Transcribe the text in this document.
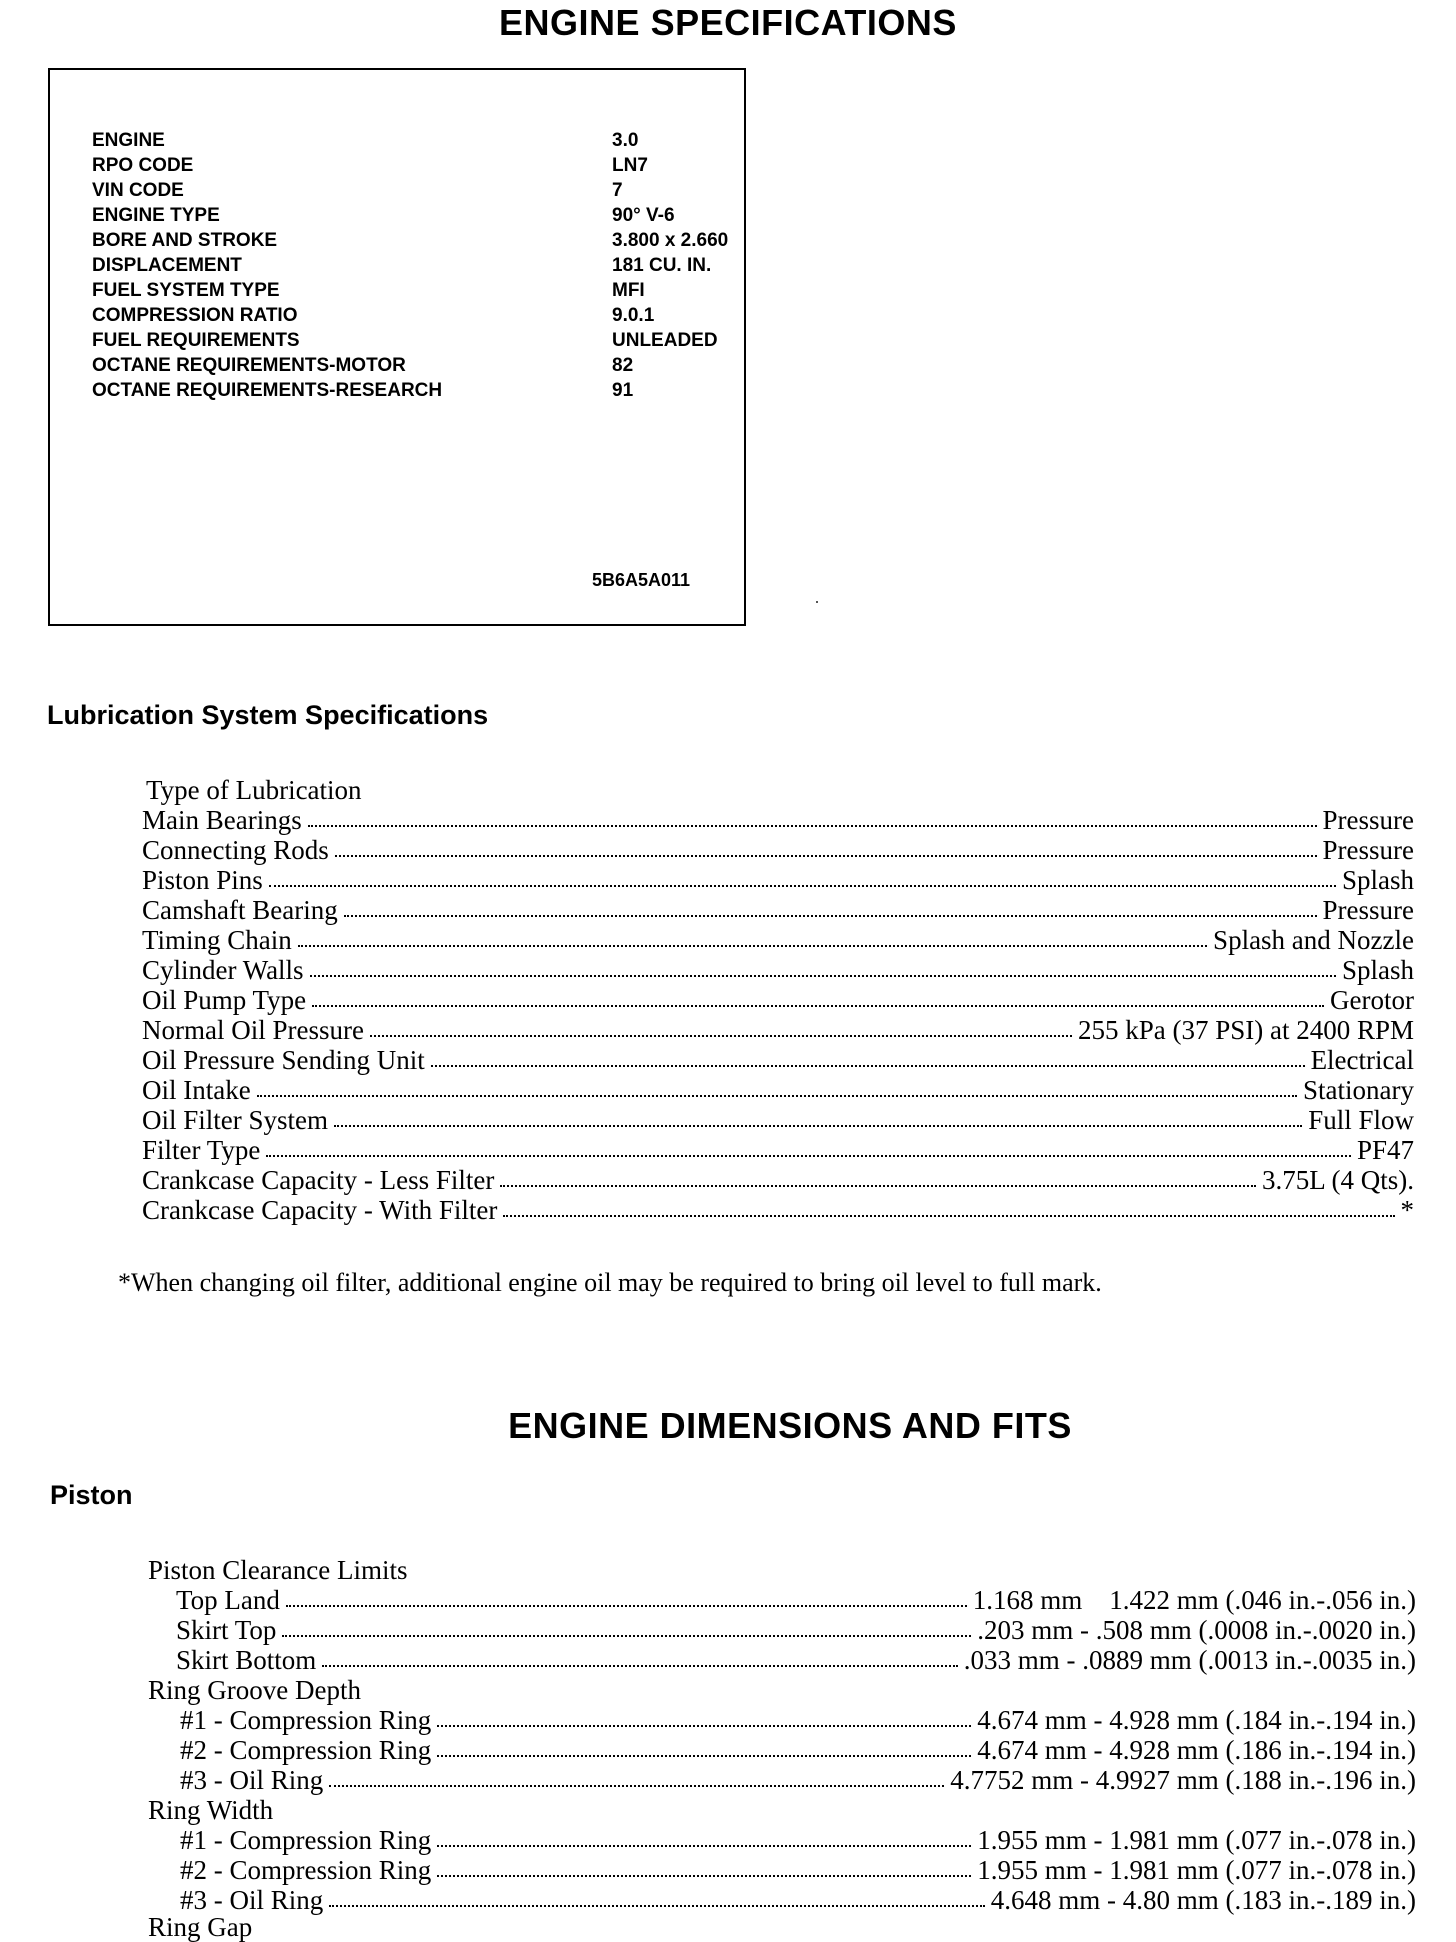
ENGINE SPECIFICATIONS
ENGINE	3.0
RPO CODE	LN7
VIN CODE	7
ENGINE TYPE	90° V-6
BORE AND STROKE	3.800 x 2.660
DISPLACEMENT	181 CU. IN.
FUEL SYSTEM TYPE	MFI
COMPRESSION RATIO	9.0.1
FUEL REQUIREMENTS	UNLEADED
OCTANE REQUIREMENTS-MOTOR	82
OCTANE REQUIREMENTS-RESEARCH	91
5B6A5A011
Lubrication System Specifications
Type of Lubrication
Main Bearings	Pressure
Connecting Rods	Pressure
Piston Pins	Splash
Camshaft Bearing	Pressure
Timing Chain	Splash and Nozzle
Cylinder Walls	Splash
Oil Pump Type	Gerotor
Normal Oil Pressure	255 kPa (37 PSI) at 2400 RPM
Oil Pressure Sending Unit	Electrical
Oil Intake	Stationary
Oil Filter System	Full Flow
Filter Type	PF47
Crankcase Capacity - Less Filter	3.75L (4 Qts).
Crankcase Capacity - With Filter	*
*When changing oil filter, additional engine oil may be required to bring oil level to full mark.
ENGINE DIMENSIONS AND FITS
Piston
Piston Clearance Limits
Top Land	1.168 mm    1.422 mm (.046 in.-.056 in.)
Skirt Top	.203 mm - .508 mm (.0008 in.-.0020 in.)
Skirt Bottom	.033 mm - .0889 mm (.0013 in.-.0035 in.)
Ring Groove Depth
#1 - Compression Ring	4.674 mm - 4.928 mm (.184 in.-.194 in.)
#2 - Compression Ring	4.674 mm - 4.928 mm (.186 in.-.194 in.)
#3 - Oil Ring	4.7752 mm - 4.9927 mm (.188 in.-.196 in.)
Ring Width
#1 - Compression Ring	1.955 mm - 1.981 mm (.077 in.-.078 in.)
#2 - Compression Ring	1.955 mm - 1.981 mm (.077 in.-.078 in.)
#3 - Oil Ring	4.648 mm - 4.80 mm (.183 in.-.189 in.)
Ring Gap
